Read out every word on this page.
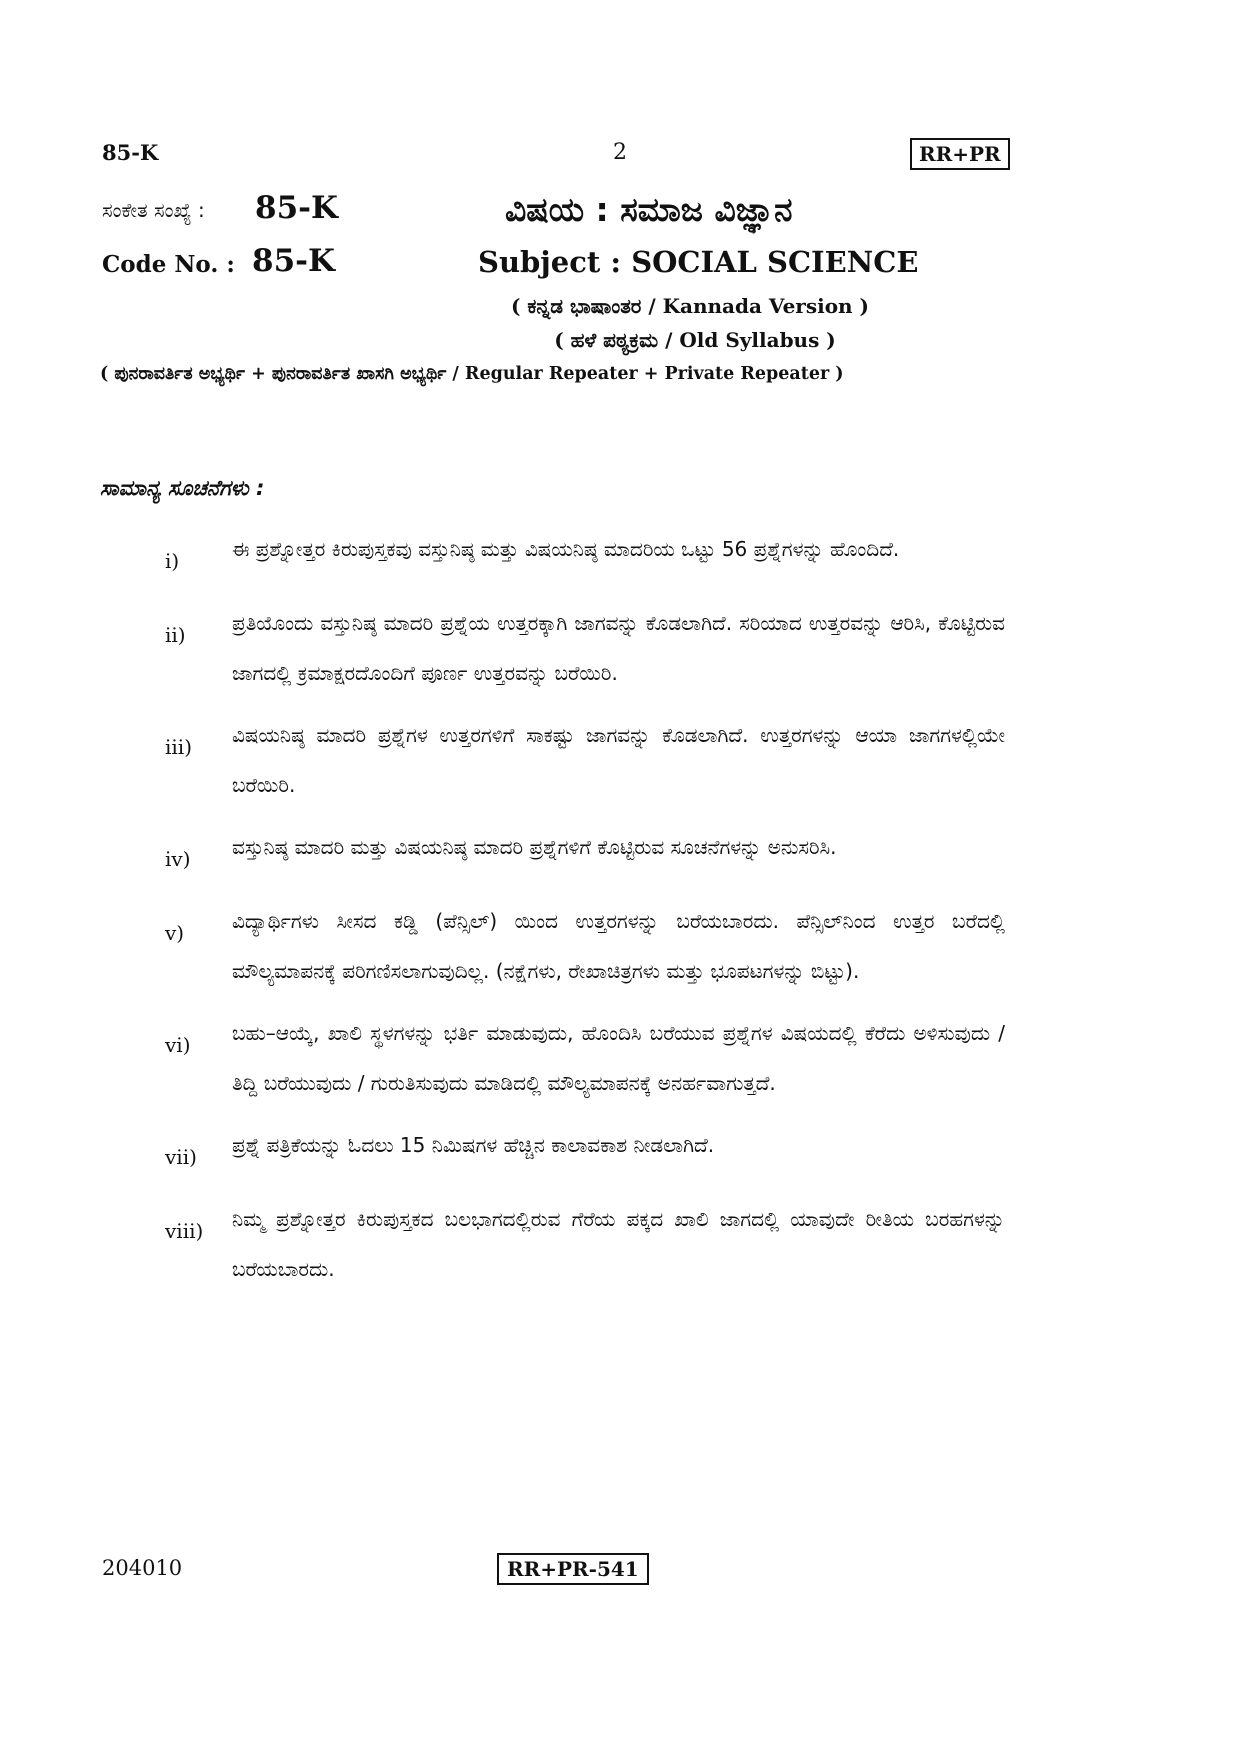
85-K	2	RR+PR
ಸಂಕೇತ ಸಂಖ್ಯೆ : 85-K	ವಿಷಯ : ಸಮಾಜ ವಿಜ್ಞಾನ
Code No. : 85-K	Subject : SOCIAL SCIENCE
( ಕನ್ನಡ ಭಾಷಾಂತರ / Kannada Version )
( ಹಳೆ ಪಠ್ಯಕ್ರಮ / Old Syllabus )
( ಪುನರಾವರ್ತಿತ ಅಭ್ಯರ್ಥಿ + ಪುನರಾವರ್ತಿತ ಖಾಸಗಿ ಅಭ್ಯರ್ಥಿ / Regular Repeater + Private Repeater )
ಸಾಮಾನ್ಯ ಸೂಚನೆಗಳು :
i)	ಈ ಪ್ರಶ್ನೋತ್ತರ ಕಿರುಪುಸ್ತಕವು ವಸ್ತುನಿಷ್ಠ ಮತ್ತು ವಿಷಯನಿಷ್ಠ ಮಾದರಿಯ ಒಟ್ಟು 56 ಪ್ರಶ್ನೆಗಳನ್ನು ಹೊಂದಿದೆ.
ii)	ಪ್ರತಿಯೊಂದು ವಸ್ತುನಿಷ್ಠ ಮಾದರಿ ಪ್ರಶ್ನೆಯ ಉತ್ತರಕ್ಕಾಗಿ ಜಾಗವನ್ನು ಕೊಡಲಾಗಿದೆ. ಸರಿಯಾದ ಉತ್ತರವನ್ನು ಆರಿಸಿ, ಕೊಟ್ಟಿರುವ ಜಾಗದಲ್ಲಿ ಕ್ರಮಾಕ್ಷರದೊಂದಿಗೆ ಪೂರ್ಣ ಉತ್ತರವನ್ನು ಬರೆಯಿರಿ.
iii)	ವಿಷಯನಿಷ್ಠ ಮಾದರಿ ಪ್ರಶ್ನೆಗಳ ಉತ್ತರಗಳಿಗೆ ಸಾಕಷ್ಟು ಜಾಗವನ್ನು ಕೊಡಲಾಗಿದೆ. ಉತ್ತರಗಳನ್ನು ಆಯಾ ಜಾಗಗಳಲ್ಲಿಯೇ ಬರೆಯಿರಿ.
iv)	ವಸ್ತುನಿಷ್ಠ ಮಾದರಿ ಮತ್ತು ವಿಷಯನಿಷ್ಠ ಮಾದರಿ ಪ್ರಶ್ನೆಗಳಿಗೆ ಕೊಟ್ಟಿರುವ ಸೂಚನೆಗಳನ್ನು ಅನುಸರಿಸಿ.
v)	ವಿದ್ಯಾರ್ಥಿಗಳು ಸೀಸದ ಕಡ್ಡಿ (ಪೆನ್ಸಿಲ್) ಯಿಂದ ಉತ್ತರಗಳನ್ನು ಬರೆಯಬಾರದು. ಪೆನ್ಸಿಲ್‌ನಿಂದ ಉತ್ತರ ಬರೆದಲ್ಲಿ ಮೌಲ್ಯಮಾಪನಕ್ಕೆ ಪರಿಗಣಿಸಲಾಗುವುದಿಲ್ಲ. (ನಕ್ಷೆಗಳು, ರೇಖಾಚಿತ್ರಗಳು ಮತ್ತು ಭೂಪಟಗಳನ್ನು ಬಿಟ್ಟು).
vi)	ಬಹು–ಆಯ್ಕೆ, ಖಾಲಿ ಸ್ಥಳಗಳನ್ನು ಭರ್ತಿ ಮಾಡುವುದು, ಹೊಂದಿಸಿ ಬರೆಯುವ ಪ್ರಶ್ನೆಗಳ ವಿಷಯದಲ್ಲಿ ಕೆರೆದು ಅಳಿಸುವುದು / ತಿದ್ದಿ ಬರೆಯುವುದು / ಗುರುತಿಸುವುದು ಮಾಡಿದಲ್ಲಿ ಮೌಲ್ಯಮಾಪನಕ್ಕೆ ಅನರ್ಹವಾಗುತ್ತದೆ.
vii)	ಪ್ರಶ್ನೆ ಪತ್ರಿಕೆಯನ್ನು ಓದಲು 15 ನಿಮಿಷಗಳ ಹೆಚ್ಚಿನ ಕಾಲಾವಕಾಶ ನೀಡಲಾಗಿದೆ.
viii)	ನಿಮ್ಮ ಪ್ರಶ್ನೋತ್ತರ ಕಿರುಪುಸ್ತಕದ ಬಲಭಾಗದಲ್ಲಿರುವ ಗೆರೆಯ ಪಕ್ಕದ ಖಾಲಿ ಜಾಗದಲ್ಲಿ ಯಾವುದೇ ರೀತಿಯ ಬರಹಗಳನ್ನು ಬರೆಯಬಾರದು.
204010	RR+PR-541
